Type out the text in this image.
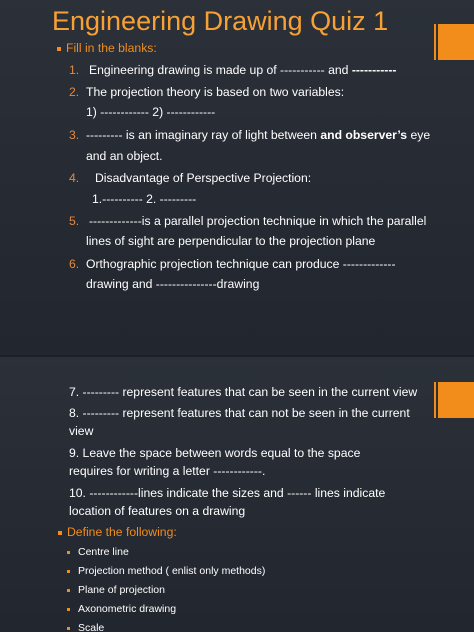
Engineering Drawing Quiz 1
Fill in the blanks:
1. Engineering drawing is made up of ----------- and -----------
2. The projection theory is based on two variables:
1) ------------ 2) ------------
3. --------- is an imaginary ray of light between and observer’s eye
and an object.
4. Disadvantage of Perspective Projection:
1.---------- 2. ---------
5. -------------is a parallel projection technique in which the parallel
lines of sight are perpendicular to the projection plane
6. Orthographic projection technique can produce -------------
drawing and ---------------drawing
7. --------- represent features that can be seen in the current view
8. --------- represent features that can not be seen in the current
view
9. Leave the space between words equal to the space
requires for writing a letter ------------.
10. ------------lines indicate the sizes and ------ lines indicate
location of features on a drawing
Define the following:
Centre line
Projection method ( enlist only methods)
Plane of projection
Axonometric drawing
Scale
